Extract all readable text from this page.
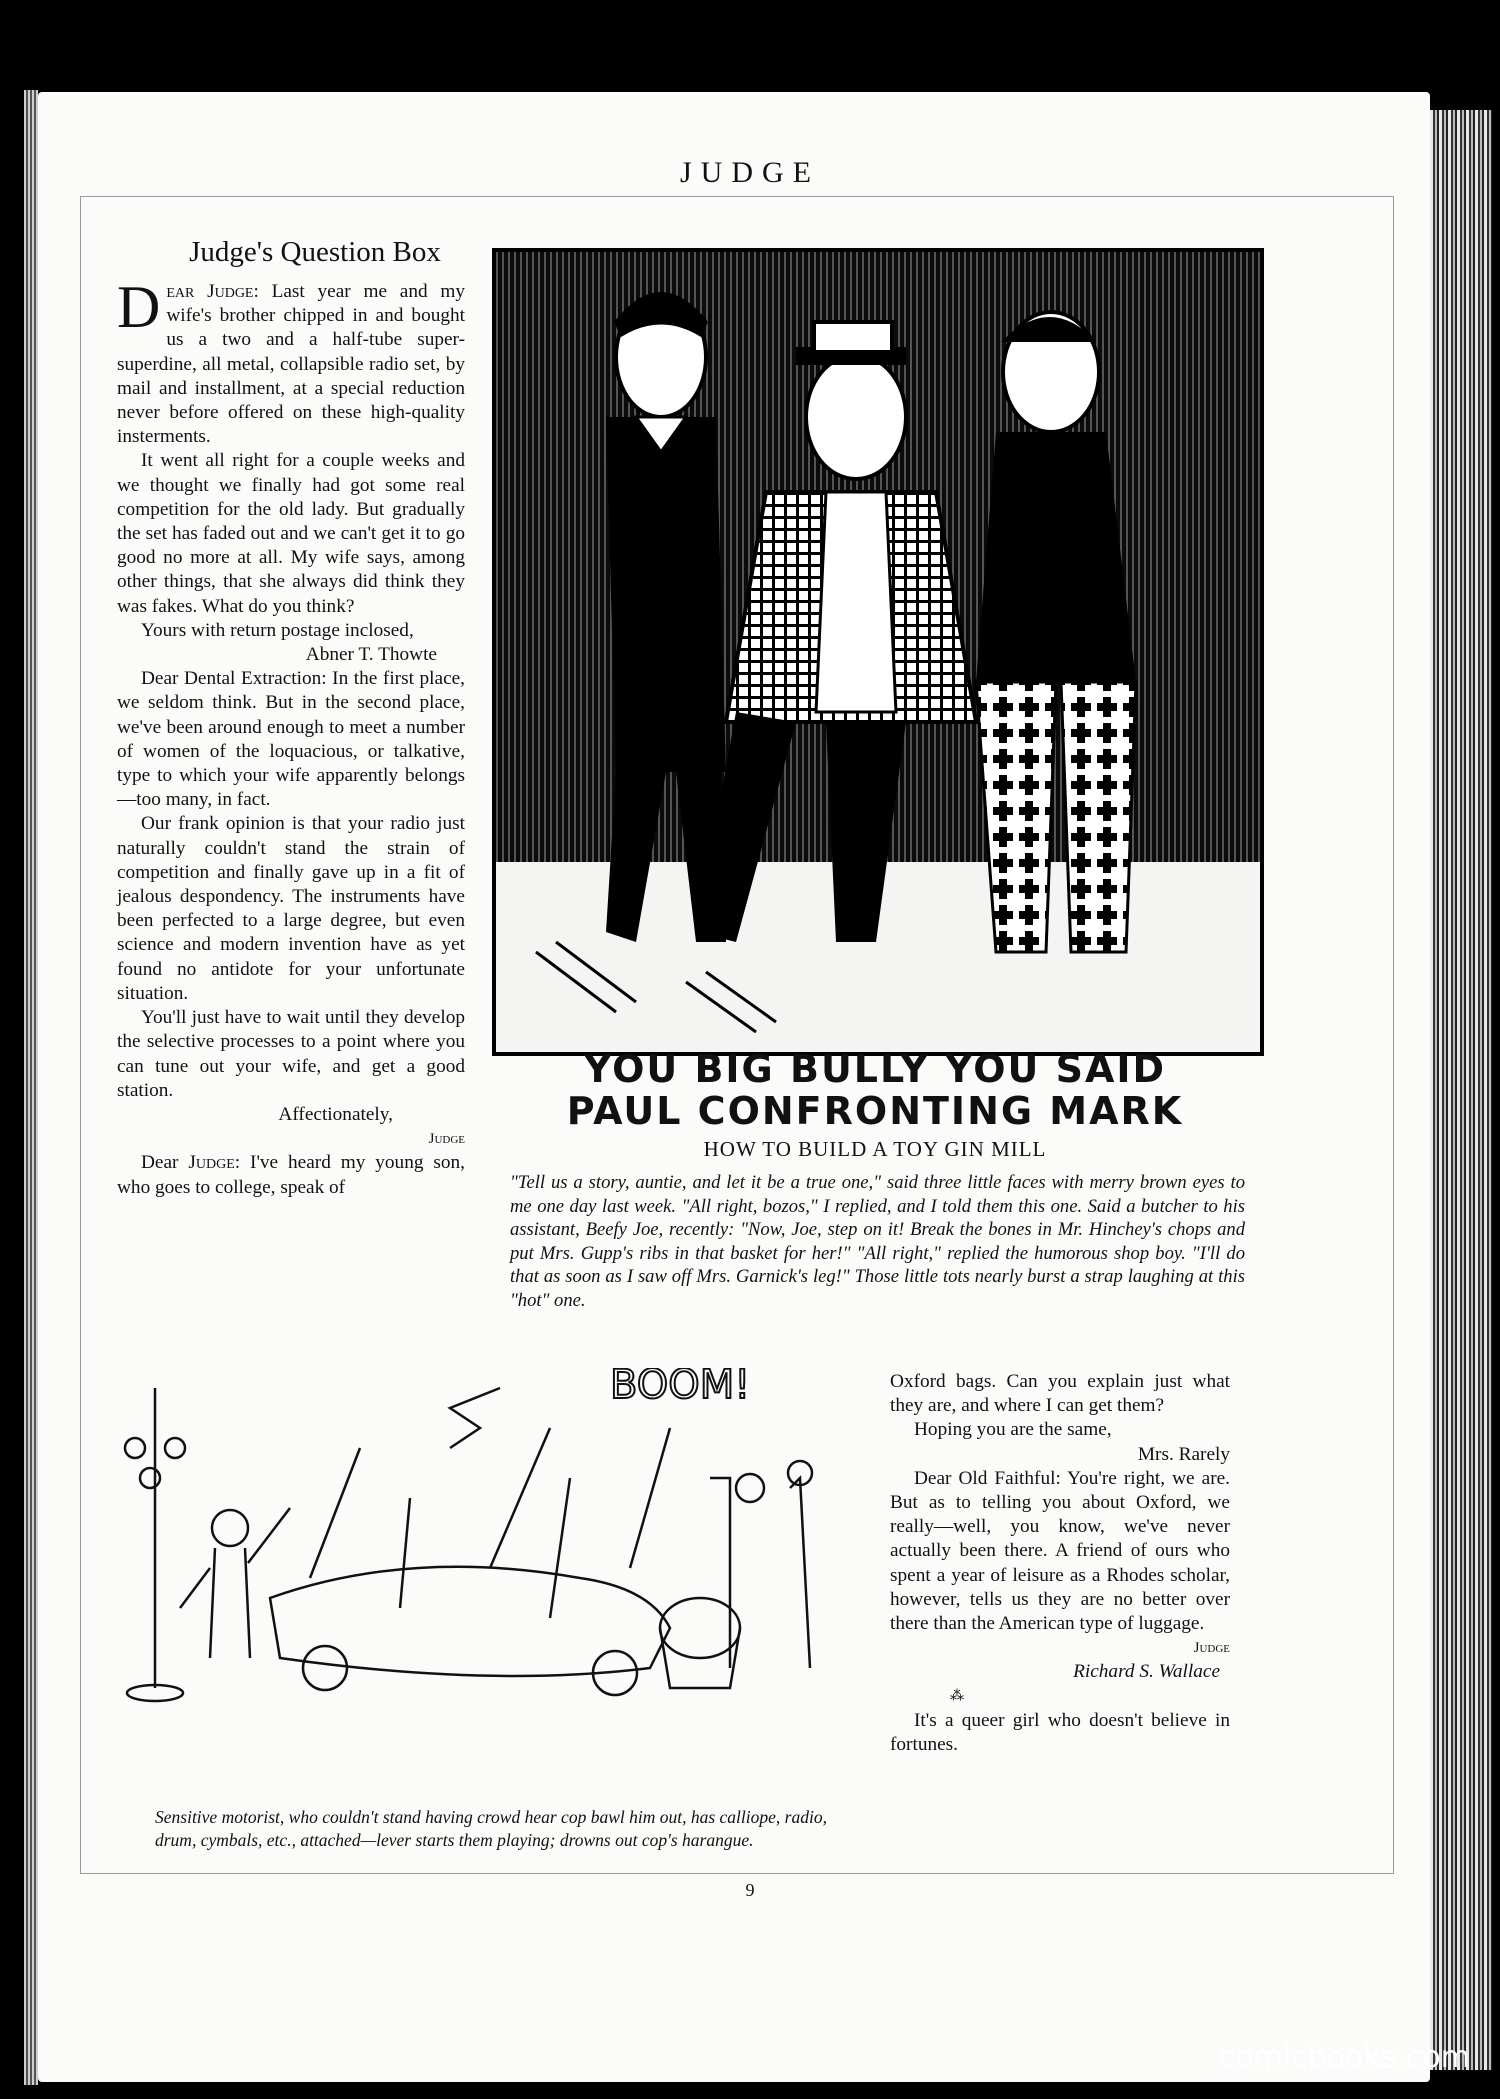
JUDGE
Judge's Question Box

Dear Judge: Last year me and my wife's brother chipped in and bought us a two and a half-tube super-superdine, all metal, collapsible radio set, by mail and installment, at a special reduction never before offered on these high-quality insterments.

It went all right for a couple weeks and we thought we finally had got some real competition for the old lady. But gradually the set has faded out and we can't get it to go good no more at all. My wife says, among other things, that she always did think they was fakes. What do you think?

Yours with return postage inclosed,

Abner T. Thowte

Dear Dental Extraction: In the first place, we seldom think. But in the second place, we've been around enough to meet a number of women of the loquacious, or talkative, type to which your wife apparently belongs—too many, in fact.

Our frank opinion is that your radio just naturally couldn't stand the strain of competition and finally gave up in a fit of jealous despondency. The instruments have been perfected to a large degree, but even science and modern invention have as yet found no antidote for your unfortunate situation.

You'll just have to wait until they develop the selective processes to a point where you can tune out your wife, and get a good station.

Affectionately,

Judge

Dear Judge: I've heard my young son, who goes to college, speak of

YOU BIG BULLY YOU SAID
PAUL CONFRONTING MARK
HOW TO BUILD A TOY GIN MILL
"Tell us a story, auntie, and let it be a true one," said three little faces with merry brown eyes to me one day last week. "All right, bozos," I replied, and I told them this one. Said a butcher to his assistant, Beefy Joe, recently: "Now, Joe, step on it! Break the bones in Mr. Hinchey's chops and put Mrs. Gupp's ribs in that basket for her!" "All right," replied the humorous shop boy. "I'll do that as soon as I saw off Mrs. Garnick's leg!" Those little tots nearly burst a strap laughing at this "hot" one.
BOOM!
Sensitive motorist, who couldn't stand having crowd hear cop bawl him out, has calliope, radio, drum, cymbals, etc., attached—lever starts them playing; drowns out cop's harangue.

Oxford bags. Can you explain just what they are, and where I can get them?

Hoping you are the same,

Mrs. Rarely

Dear Old Faithful: You're right, we are. But as to telling you about Oxford, we really—well, you know, we've never actually been there. A friend of ours who spent a year of leisure as a Rhodes scholar, however, tells us they are no better over there than the American type of luggage.

Judge

Richard S. Wallace

⁂

It's a queer girl who doesn't believe in fortunes.

9
comicbooks.com
